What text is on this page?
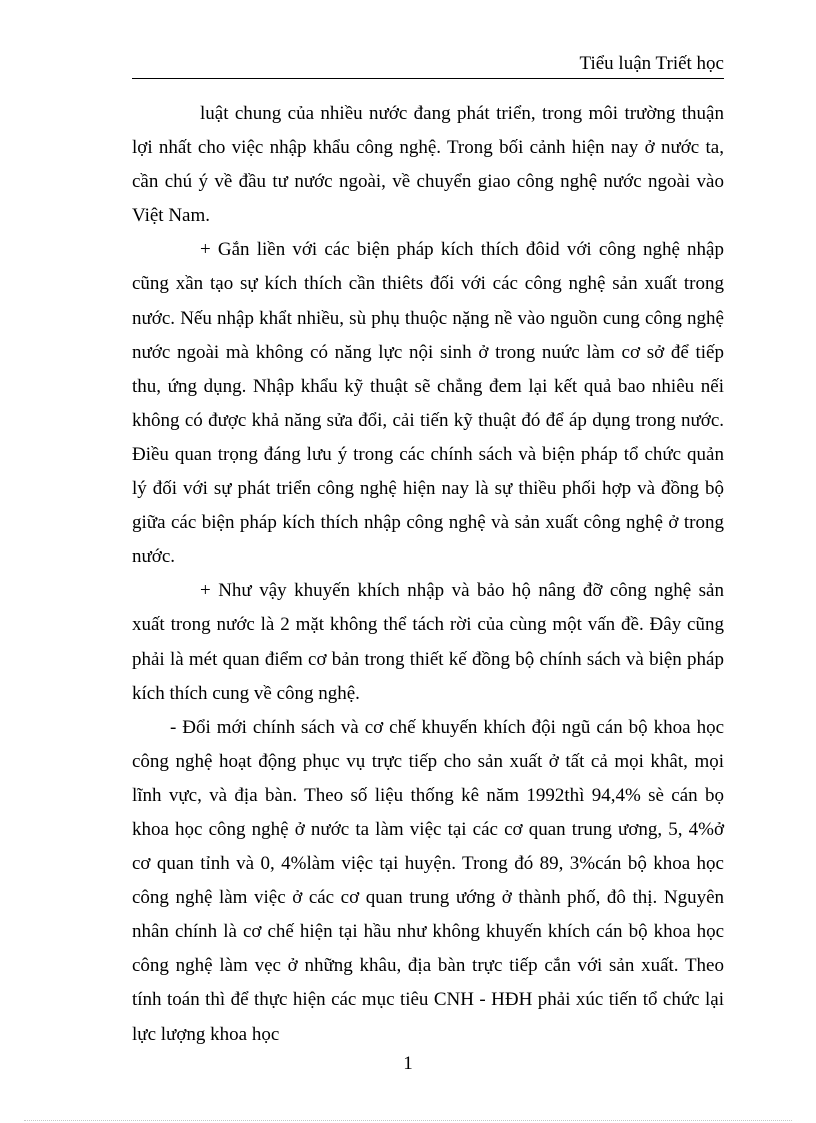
Tiểu luận Triết học

luật chung của nhiều nước đang phát triển, trong môi trường thuận lợi nhất cho việc nhập khẩu công nghệ. Trong bối cảnh hiện nay ở nước ta, cần chú ý về đầu tư nước ngoài, về chuyển giao công nghệ nước ngoài vào Việt Nam.

+ Gắn liền với các biện pháp kích thích đôid với công nghệ nhập cũng xần tạo sự kích thích cần thiêts đối với các công nghệ sản xuất trong nước. Nếu nhập khẩt nhiều, sù phụ thuộc nặng nề vào nguồn cung công nghệ nước ngoài mà không có năng lực nội sinh ở trong nuức làm cơ sở để tiếp thu, ứng dụng. Nhập khẩu kỹ thuật sẽ chẳng đem lại kết quả bao nhiêu nếi không có được khả năng sửa đổi, cải tiến kỹ thuật đó để áp dụng trong nước. Điều quan trọng đáng lưu ý trong các chính sách và biện pháp tổ chức quản lý đối với sự phát triển công nghệ hiện nay là sự thiều phối hợp và đồng bộ giữa các biện pháp kích thích nhập công nghệ và sản xuất công nghệ ở trong nước.

+ Như vậy khuyến khích nhập và bảo hộ nâng đỡ công nghệ sản xuất trong nước là 2 mặt không thể tách rời của cùng một vấn đề. Đây cũng phải là mét quan điểm cơ bản trong thiết kế đồng bộ chính sách và biện pháp kích thích cung về công nghệ.

- Đổi mới chính sách và cơ chế khuyến khích đội ngũ cán bộ khoa học công nghệ hoạt động phục vụ trực tiếp cho sản xuất ở tất cả mọi khât, mọi lĩnh vực, và địa bàn. Theo số liệu thống kê năm 1992thì 94,4% sè cán bọ khoa học công nghệ ở nước ta làm việc tại các cơ quan trung ương, 5, 4%ở cơ quan tỉnh và 0, 4%làm việc tại huyện. Trong đó 89, 3%cán bộ khoa học công nghệ làm việc ở các cơ quan trung ướng ở thành phố, đô thị. Nguyên nhân chính là cơ chế hiện tại hầu như không khuyến khích cán bộ khoa học công nghệ làm vẹc ở những khâu, địa bàn trực tiếp cắn với sản xuất. Theo tính toán thì để thực hiện các mục tiêu CNH - HĐH phải xúc tiến tổ chức lại lực lượng khoa học

1
